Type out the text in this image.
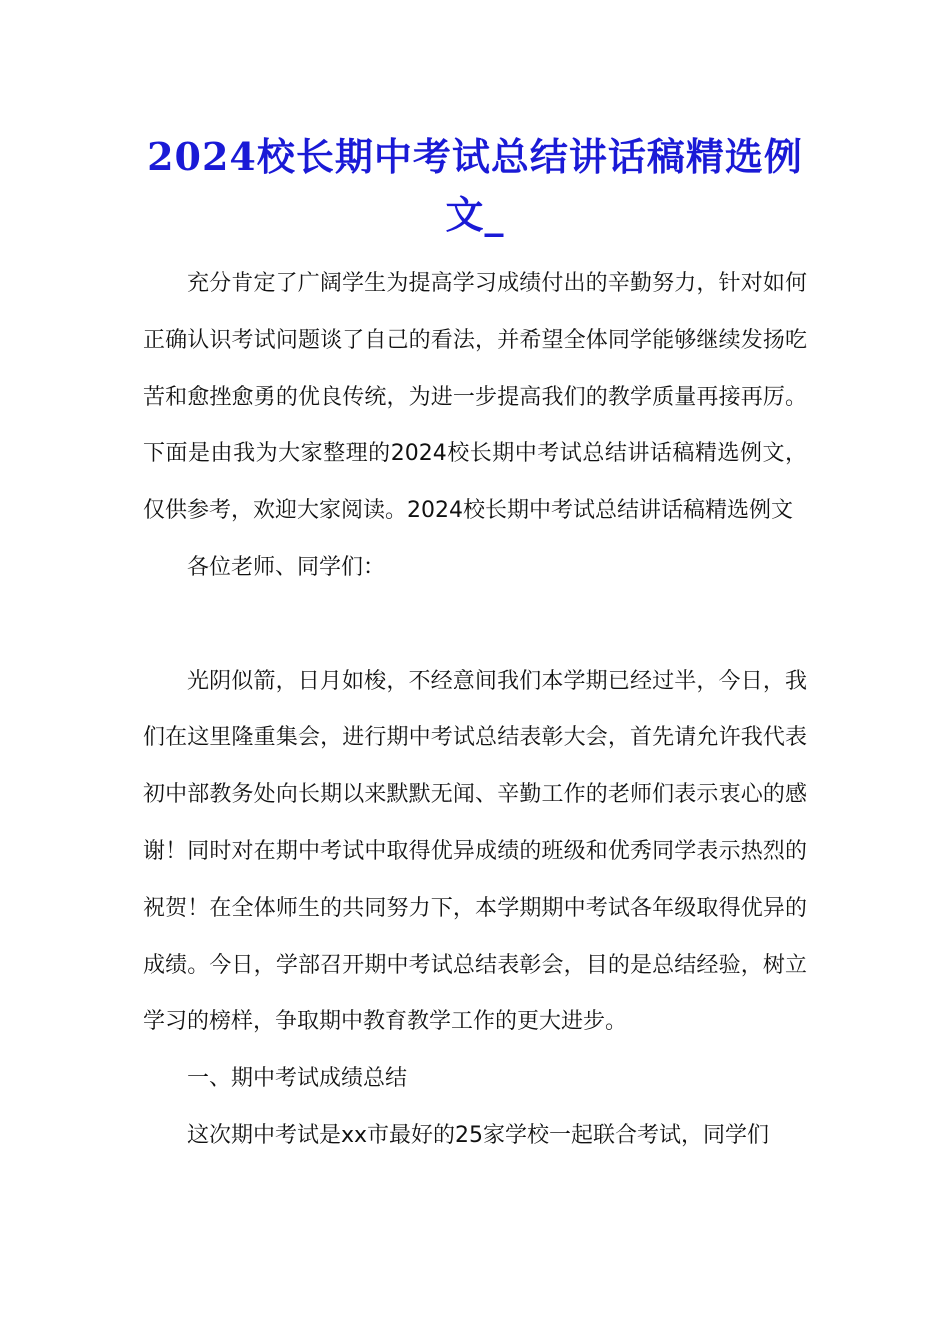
2024校长期中考试总结讲话稿精选例文_

充分肯定了广阔学生为提高学习成绩付出的辛勤努力，针对如何正确认识考试问题谈了自己的看法，并希望全体同学能够继续发扬吃苦和愈挫愈勇的优良传统，为进一步提高我们的教学质量再接再厉。下面是由我为大家整理的2024校长期中考试总结讲话稿精选例文，仅供参考，欢迎大家阅读。2024校长期中考试总结讲话稿精选例文

各位老师、同学们：

光阴似箭，日月如梭，不经意间我们本学期已经过半，今日，我们在这里隆重集会，进行期中考试总结表彰大会，首先请允许我代表初中部教务处向长期以来默默无闻、辛勤工作的老师们表示衷心的感谢！同时对在期中考试中取得优异成绩的班级和优秀同学表示热烈的祝贺！在全体师生的共同努力下，本学期期中考试各年级取得优异的成绩。今日，学部召开期中考试总结表彰会，目的是总结经验，树立学习的榜样，争取期中教育教学工作的更大进步。

一、期中考试成绩总结

这次期中考试是xx市最好的25家学校一起联合考试，同学们
